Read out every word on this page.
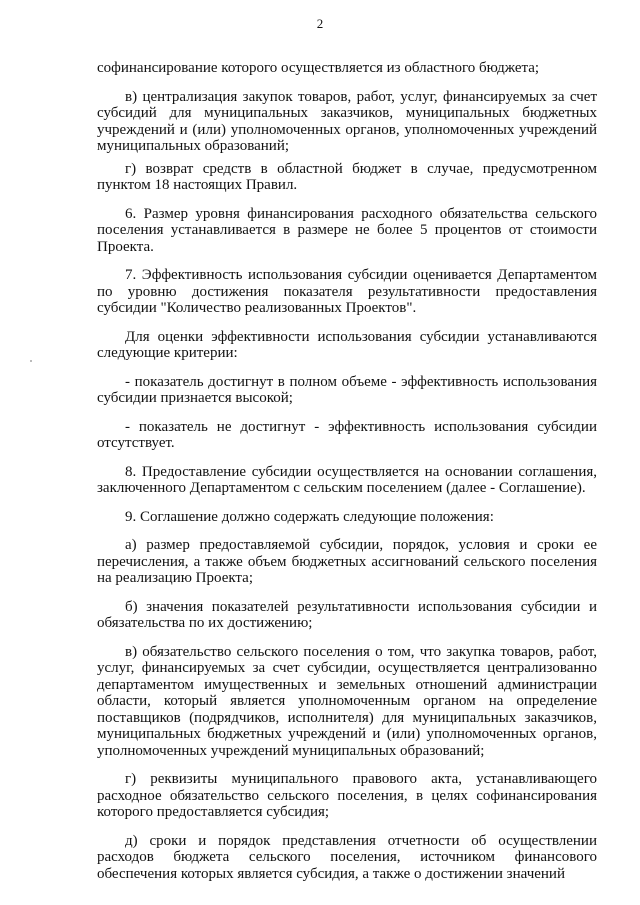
2

софинансирование которого осуществляется из областного бюджета;

в) централизация закупок товаров, работ, услуг, финансируемых за счет субсидий для муниципальных заказчиков, муниципальных бюджетных учреждений и (или) уполномоченных органов, уполномоченных учреждений муниципальных образований;

г) возврат средств в областной бюджет в случае, предусмотренном пунктом 18 настоящих Правил.

6. Размер уровня финансирования расходного обязательства сельского поселения устанавливается в размере не более 5 процентов от стоимости Проекта.

7. Эффективность использования субсидии оценивается Департаментом по уровню достижения показателя результативности предоставления субсидии "Количество реализованных Проектов".

Для оценки эффективности использования субсидии устанавливаются следующие критерии:

- показатель достигнут в полном объеме - эффективность использования субсидии признается высокой;

- показатель не достигнут - эффективность использования субсидии отсутствует.

8. Предоставление субсидии осуществляется на основании соглашения, заключенного Департаментом с сельским поселением (далее - Соглашение).

9. Соглашение должно содержать следующие положения:

а) размер предоставляемой субсидии, порядок, условия и сроки ее перечисления, а также объем бюджетных ассигнований сельского поселения на реализацию Проекта;

б) значения показателей результативности использования субсидии и обязательства по их достижению;

в) обязательство сельского поселения о том, что закупка товаров, работ, услуг, финансируемых за счет субсидии, осуществляется централизованно департаментом имущественных и земельных отношений администрации области, который является уполномоченным органом на определение поставщиков (подрядчиков, исполнителя) для муниципальных заказчиков, муниципальных бюджетных учреждений и (или) уполномоченных органов, уполномоченных учреждений муниципальных образований;

г) реквизиты муниципального правового акта, устанавливающего расходное обязательство сельского поселения, в целях софинансирования которого предоставляется субсидия;

д) сроки и порядок представления отчетности об осуществлении расходов бюджета сельского поселения, источником финансового обеспечения которых является субсидия, а также о достижении значений
